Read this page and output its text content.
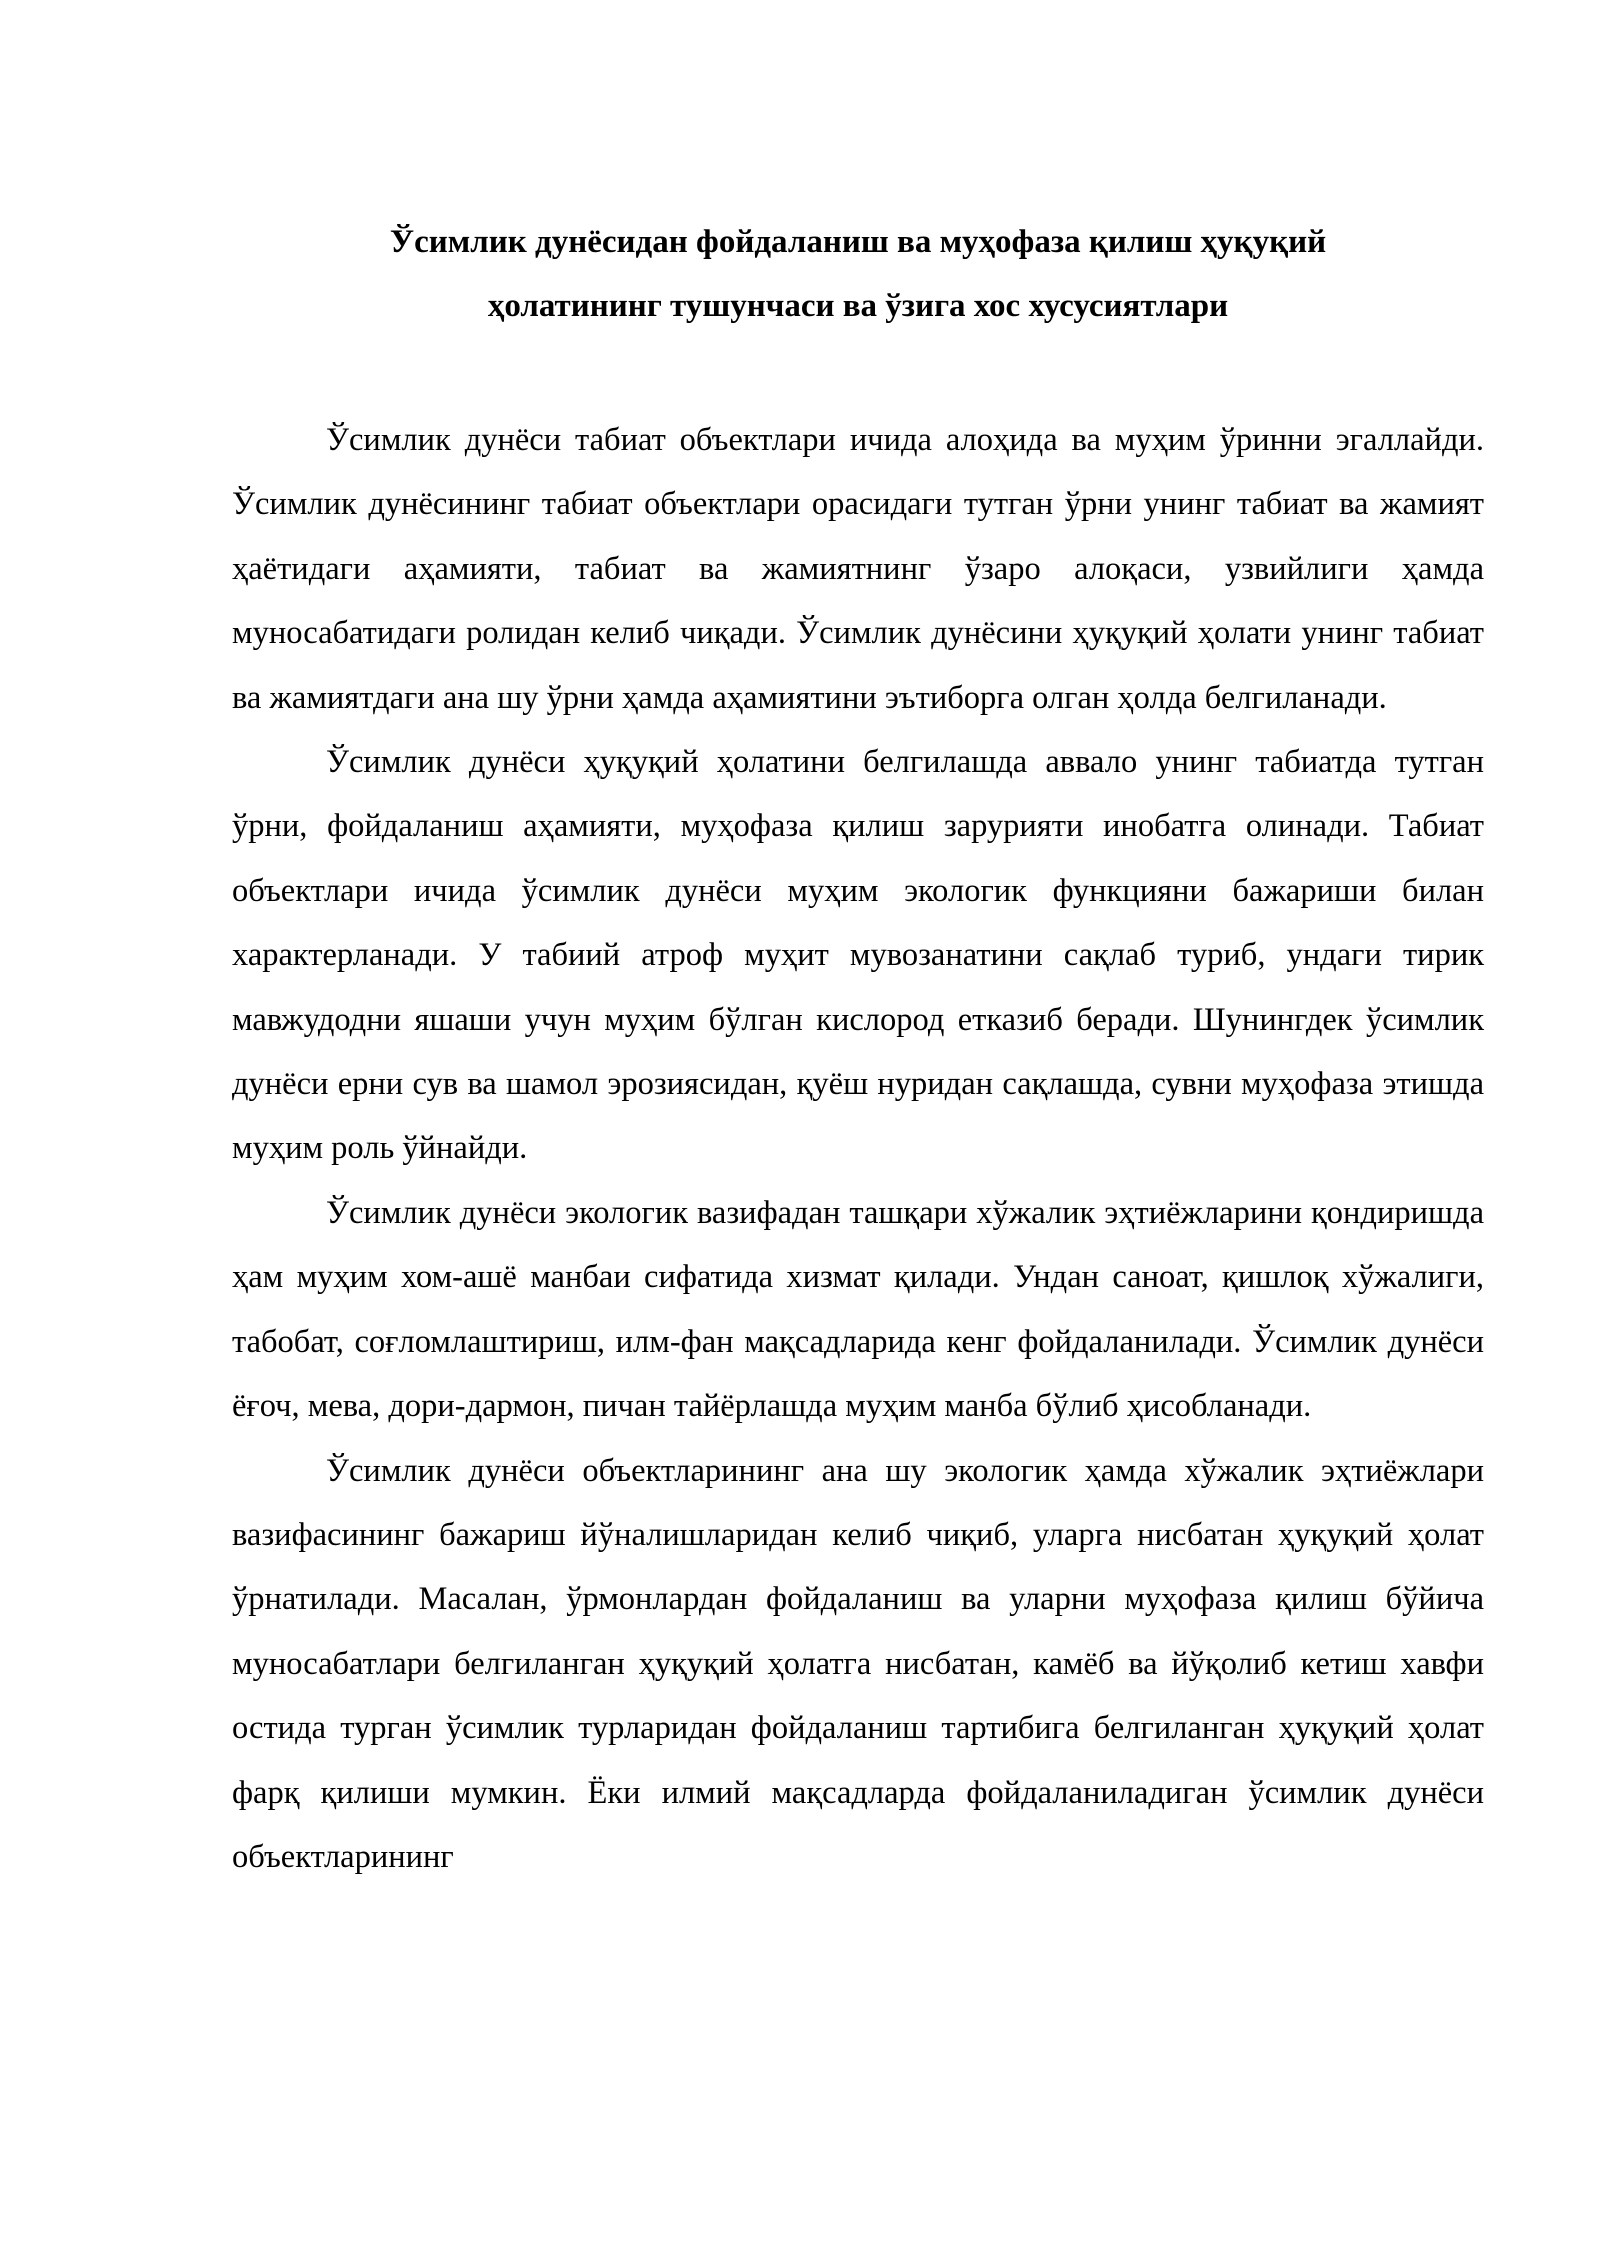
Ўсимлик дунёсидан фойдаланиш ва муҳофаза қилиш ҳуқуқий
ҳолатининг тушунчаси ва ўзига хос хусусиятлари

Ўсимлик дунёси табиат объектлари ичида алоҳида ва муҳим ўринни эгаллайди. Ўсимлик дунёсининг табиат объектлари орасидаги тутган ўрни унинг табиат ва жамият ҳаётидаги аҳамияти, табиат ва жамиятнинг ўзаро алоқаси, узвийлиги ҳамда муносабатидаги ролидан келиб чиқади. Ўсимлик дунёсини ҳуқуқий ҳолати унинг табиат ва жамиятдаги ана шу ўрни ҳамда аҳамиятини эътиборга олган ҳолда белгиланади.

Ўсимлик дунёси ҳуқуқий ҳолатини белгилашда аввало унинг табиатда тутган ўрни, фойдаланиш аҳамияти, муҳофаза қилиш зарурияти инобатга олинади. Табиат объектлари ичида ўсимлик дунёси муҳим экологик функцияни бажариши билан характерланади. У табиий атроф муҳит мувозанатини сақлаб туриб, ундаги тирик мавжудодни яшаши учун муҳим бўлган кислород етказиб беради. Шунингдек ўсимлик дунёси ерни сув ва шамол эрозиясидан, қуёш нуридан сақлашда, сувни муҳофаза этишда муҳим роль ўйнайди.

Ўсимлик дунёси экологик вазифадан ташқари хўжалик эҳтиёжларини қондиришда ҳам муҳим хом-ашё манбаи сифатида хизмат қилади. Ундан саноат, қишлоқ хўжалиги, табобат, соғломлаштириш, илм-фан мақсадларида кенг фойдаланилади. Ўсимлик дунёси ёғоч, мева, дори-дармон, пичан тайёрлашда муҳим манба бўлиб ҳисобланади.

Ўсимлик дунёси объектларининг ана шу экологик ҳамда хўжалик эҳтиёжлари вазифасининг бажариш йўналишларидан келиб чиқиб, уларга нисбатан ҳуқуқий ҳолат ўрнатилади. Масалан, ўрмонлардан фойдаланиш ва уларни муҳофаза қилиш бўйича муносабатлари белгиланган ҳуқуқий ҳолатга нисбатан, камёб ва йўқолиб кетиш хавфи остида турган ўсимлик турларидан фойдаланиш тартибига белгиланган ҳуқуқий ҳолат фарқ қилиши мумкин. Ёки илмий мақсадларда фойдаланиладиган ўсимлик дунёси объектларининг
